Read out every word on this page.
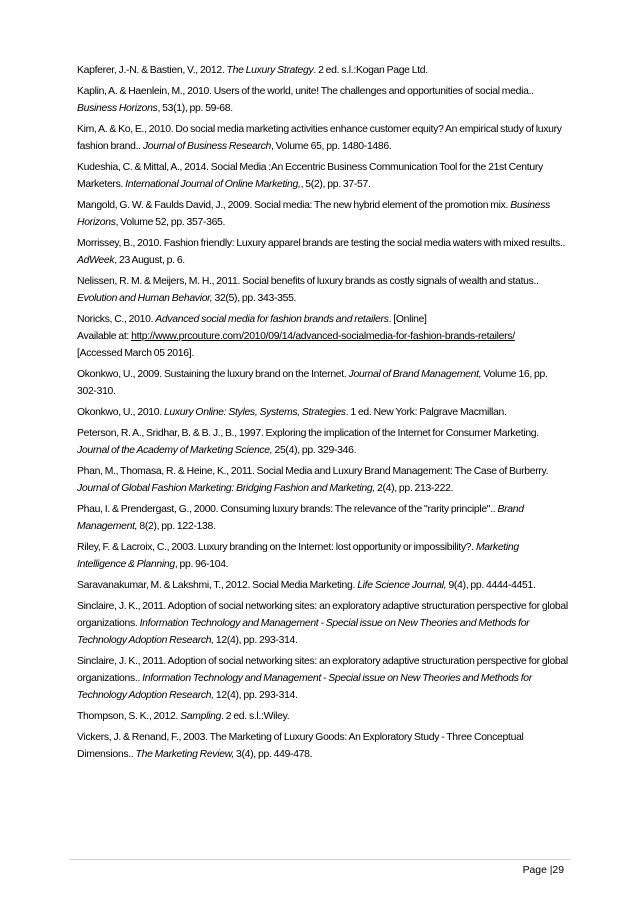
Kapferer, J.-N. & Bastien, V., 2012. The Luxury Strategy. 2 ed. s.l.:Kogan Page Ltd.

Kaplin, A. & Haenlein, M., 2010. Users of the world, unite! The challenges and opportunities of social media.. Business Horizons, 53(1), pp. 59-68.

Kim, A. & Ko, E., 2010. Do social media marketing activities enhance customer equity? An empirical study of luxury fashion brand.. Journal of Business Research, Volume 65, pp. 1480-1486.

Kudeshia, C. & Mittal, A., 2014. Social Media :An Eccentric Business Communication Tool for the 21st Century Marketers. International Journal of Online Marketing,, 5(2), pp. 37-57.

Mangold, G. W. & Faulds David, J., 2009. Social media: The new hybrid element of the promotion mix. Business Horizons, Volume 52, pp. 357-365.

Morrissey, B., 2010. Fashion friendly: Luxury apparel brands are testing the social media waters with mixed results.. AdWeek, 23 August, p. 6.

Nelissen, R. M. & Meijers, M. H., 2011. Social benefits of luxury brands as costly signals of wealth and status.. Evolution and Human Behavior, 32(5), pp. 343-355.

Noricks, C., 2010. Advanced social media for fashion brands and retailers. [Online]
Available at: http://www.prcouture.com/2010/09/14/advanced-socialmedia-for-fashion-brands-retailers/
[Accessed March 05 2016].

Okonkwo, U., 2009. Sustaining the luxury brand on the Internet. Journal of Brand Management, Volume 16, pp. 302-310.

Okonkwo, U., 2010. Luxury Online: Styles, Systems, Strategies. 1 ed. New York: Palgrave Macmillan.

Peterson, R. A., Sridhar, B. & B. J., B., 1997. Exploring the implication of the Internet for Consumer Marketing. Journal of the Academy of Marketing Science, 25(4), pp. 329-346.

Phan, M., Thomasa, R. & Heine, K., 2011. Social Media and Luxury Brand Management: The Case of Burberry. Journal of Global Fashion Marketing: Bridging Fashion and Marketing, 2(4), pp. 213-222.

Phau, I. & Prendergast, G., 2000. Consuming luxury brands: The relevance of the "rarity principle".. Brand Management, 8(2), pp. 122-138.

Riley, F. & Lacroix, C., 2003. Luxury branding on the Internet: lost opportunity or impossibility?. Marketing Intelligence & Planning, pp. 96-104.

Saravanakumar, M. & Lakshmi, T., 2012. Social Media Marketing. Life Science Journal, 9(4), pp. 4444-4451.

Sinclaire, J. K., 2011. Adoption of social networking sites: an exploratory adaptive structuration perspective for global organizations. Information Technology and Management - Special issue on New Theories and Methods for Technology Adoption Research, 12(4), pp. 293-314.

Sinclaire, J. K., 2011. Adoption of social networking sites: an exploratory adaptive structuration perspective for global organizations.. Information Technology and Management - Special issue on New Theories and Methods for Technology Adoption Research, 12(4), pp. 293-314.

Thompson, S. K., 2012. Sampling. 2 ed. s.l.:Wiley.

Vickers, J. & Renand, F., 2003. The Marketing of Luxury Goods: An Exploratory Study - Three Conceptual Dimensions.. The Marketing Review, 3(4), pp. 449-478.

Page |29
